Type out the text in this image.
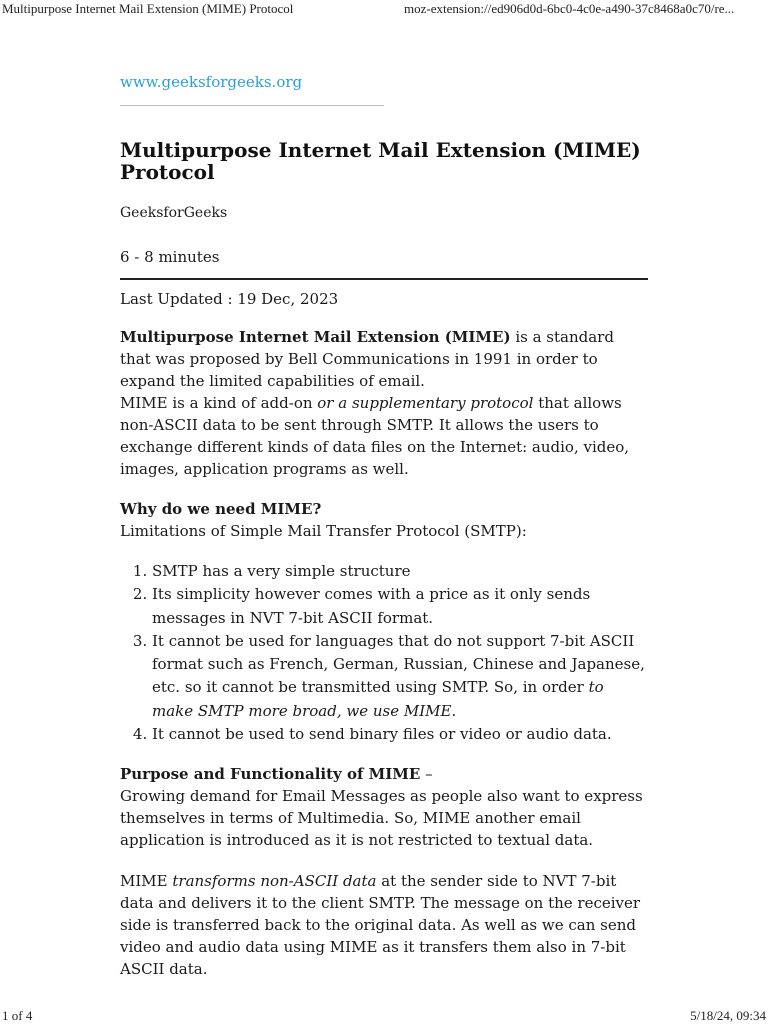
Multipurpose Internet Mail Extension (MIME) Protocol	moz-extension://ed906d0d-6bc0-4c0e-a490-37c8468a0c70/re...
www.geeksforgeeks.org
Multipurpose Internet Mail Extension (MIME) Protocol
GeeksforGeeks
6 - 8 minutes
Last Updated : 19 Dec, 2023

Multipurpose Internet Mail Extension (MIME) is a standard that was proposed by Bell Communications in 1991 in order to expand the limited capabilities of email.

MIME is a kind of add-on or a supplementary protocol that allows non-ASCII data to be sent through SMTP. It allows the users to exchange different kinds of data files on the Internet: audio, video, images, application programs as well.

Why do we need MIME?

Limitations of Simple Mail Transfer Protocol (SMTP):

1. SMTP has a very simple structure
2. Its simplicity however comes with a price as it only sends messages in NVT 7-bit ASCII format.
3. It cannot be used for languages that do not support 7-bit ASCII format such as French, German, Russian, Chinese and Japanese, etc. so it cannot be transmitted using SMTP. So, in order to make SMTP more broad, we use MIME.
4. It cannot be used to send binary files or video or audio data.

Purpose and Functionality of MIME –

Growing demand for Email Messages as people also want to express themselves in terms of Multimedia. So, MIME another email application is introduced as it is not restricted to textual data.

MIME transforms non-ASCII data at the sender side to NVT 7-bit data and delivers it to the client SMTP. The message on the receiver side is transferred back to the original data. As well as we can send video and audio data using MIME as it transfers them also in 7-bit ASCII data.

1 of 4	5/18/24, 09:34
